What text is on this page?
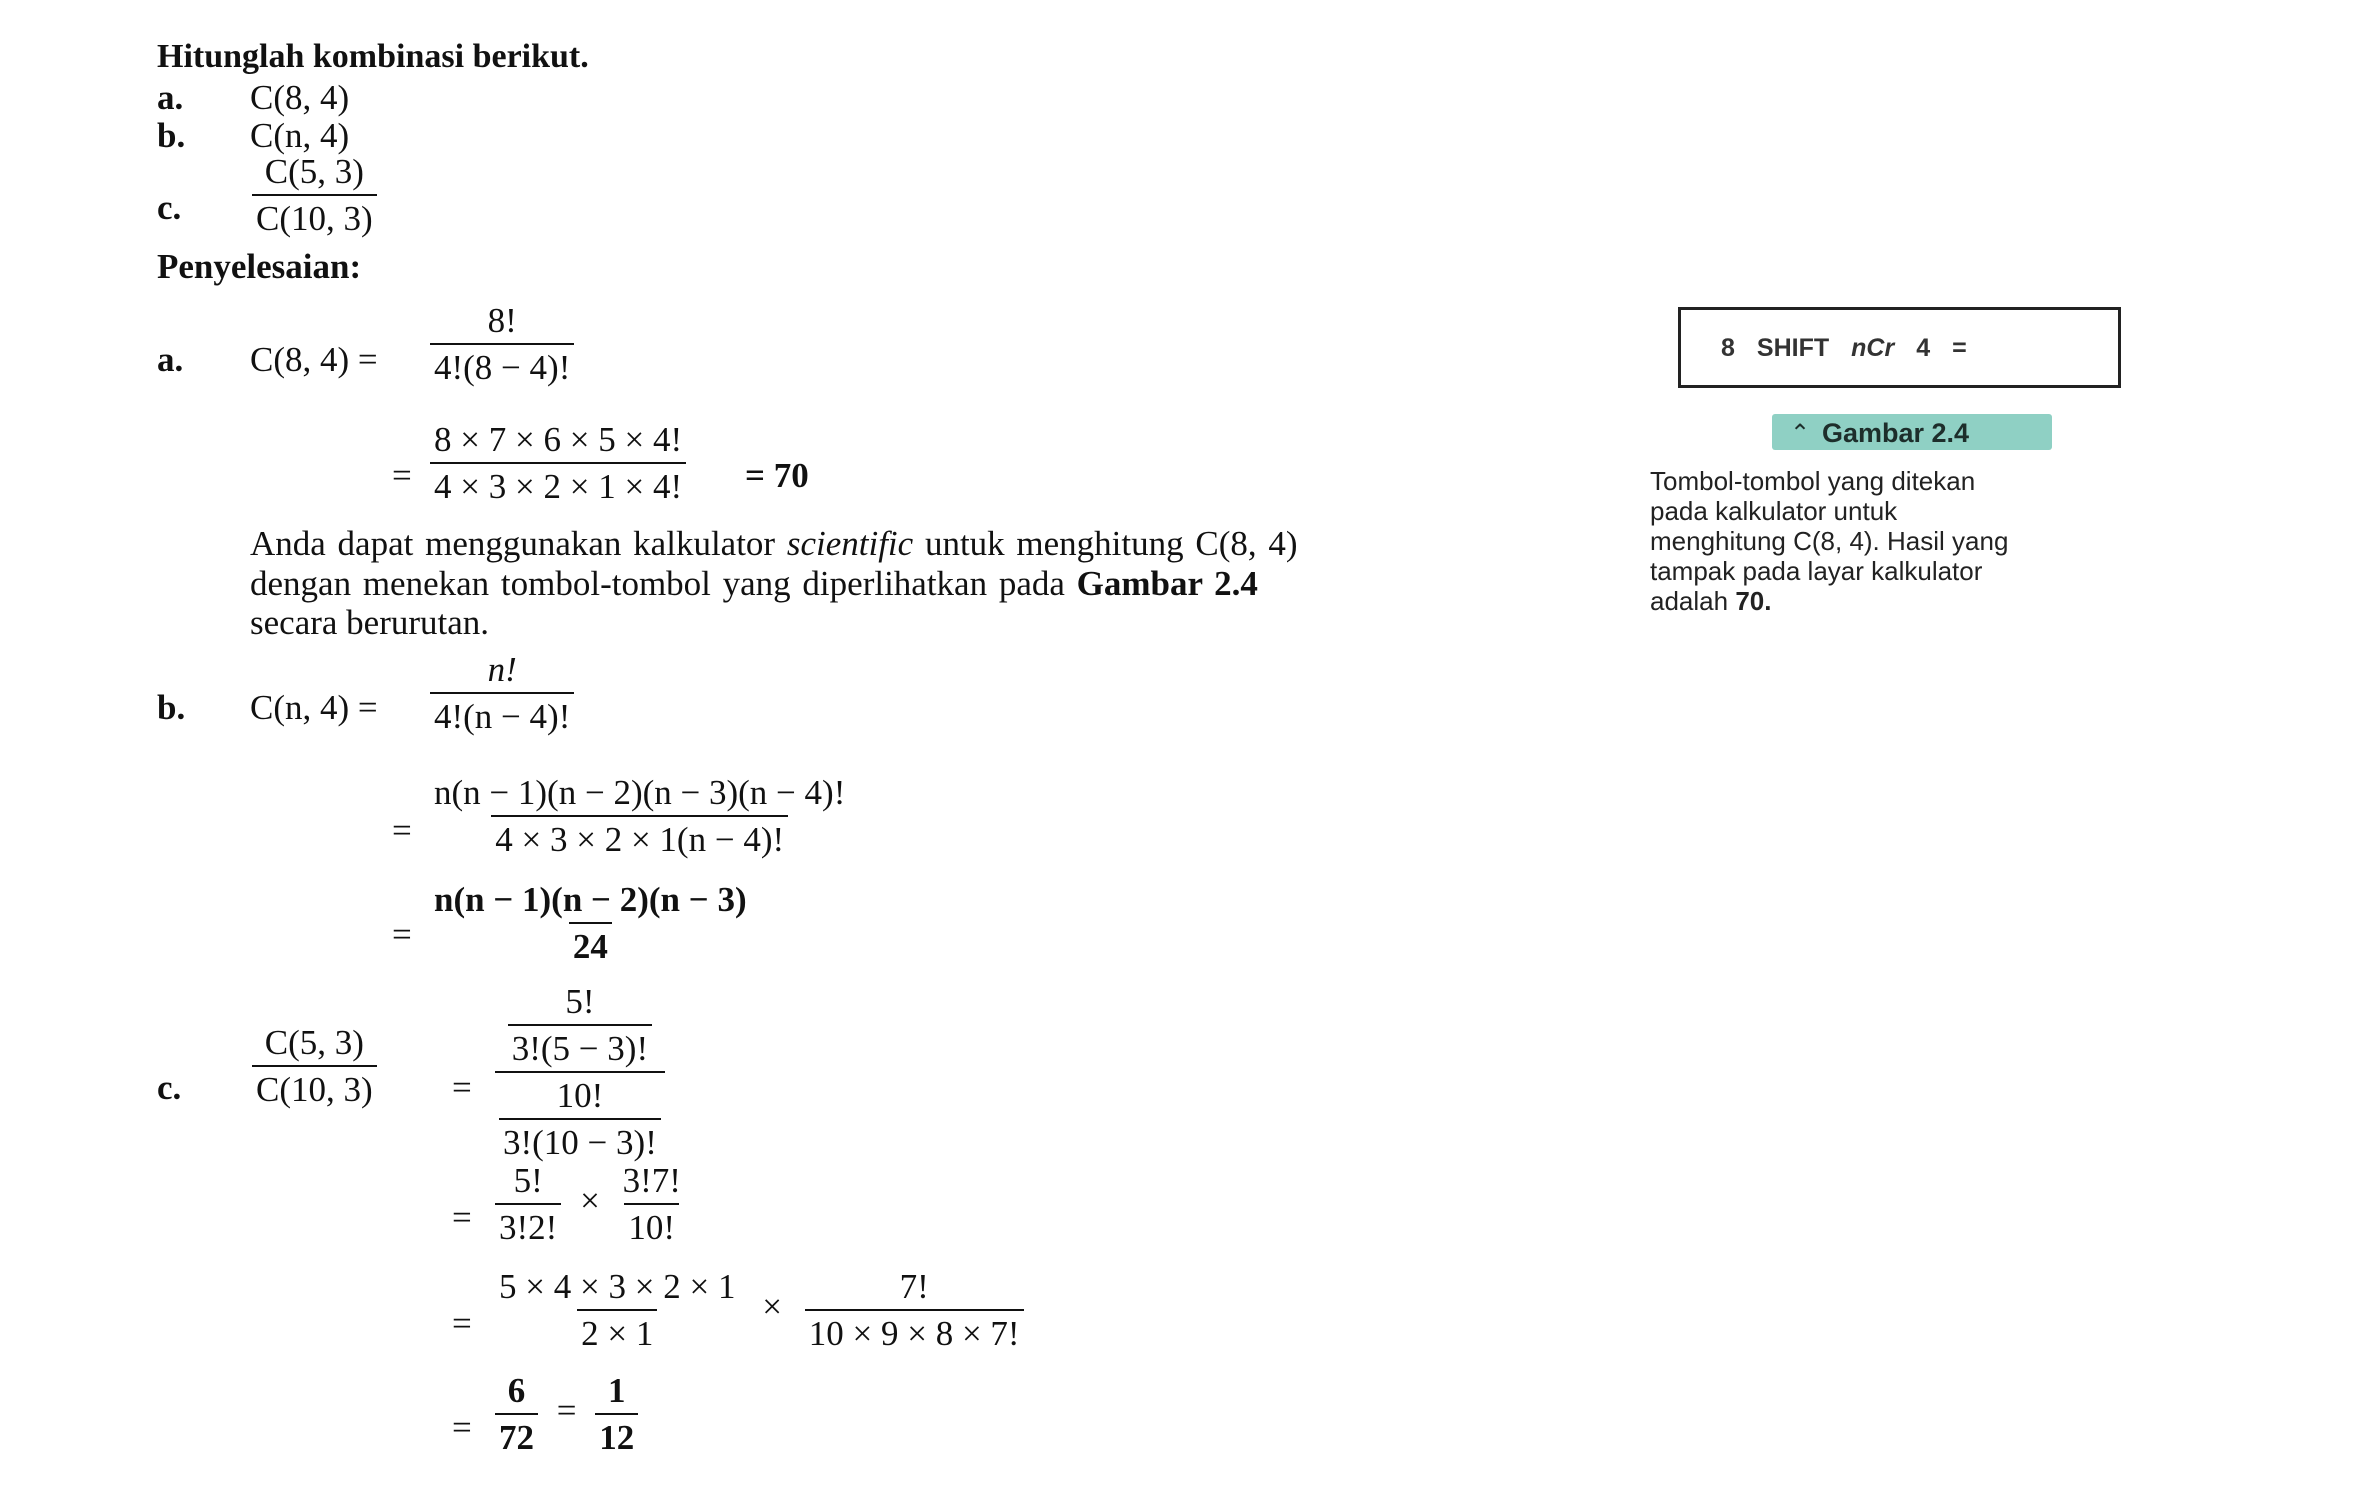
Hitunglah kombinasi berikut.
a. C(8, 4)
b. C(n, 4)
c. $\frac{C(5, 3)}{C(10, 3)}$
Penyelesaian:
a. C(8, $4) = \frac{8!}{4!(8 - 4)!}$
= $\frac{8 \times 7 \times 6 \times 5 \times 4!}{4 \times 3 \times 2 \times 1 \times 4!} = 70$
Anda dapat menggunakan kalkulator scientific untuk menghitung C(8, 4)
dengan menekan tombol-tombol yang diperlihatkan pada Gambar 2.4
secara berurutan.
b. C(n, $4) = \frac{n!}{4!(n - 4)!}$
= $\frac{n(n - 1)(n - 2)(n - 3)(n - 4)!}{4 \times 3 \times 2 \times 1(n - 4)!}$
= $\frac{n(n - 1)(n - 2)(n - 3)}{24}$
c. $\frac{C(5, 3)}{C(10, 3)} = \frac{\frac{5!}{3!(5 - 3)!}}{\frac{10!}{3!(10 - 3)!}}$
= $\frac{5!}{3!2!} \times \frac{3!7!}{10!}$
= $\frac{5 \times 4 \times 3 \times 2 \times 1}{2 \times 1} \times \frac{7!}{10 \times 9 \times 8 \times 7!}$
= $\frac{6}{72} = \frac{1}{12}$
8 SHIFT nCr 4 =
⌃ Gambar 2.4
Tombol-tombol yang ditekan
pada kalkulator untuk
menghitung C(8, 4). Hasil yang
tampak pada layar kalkulator
adalah 70.
